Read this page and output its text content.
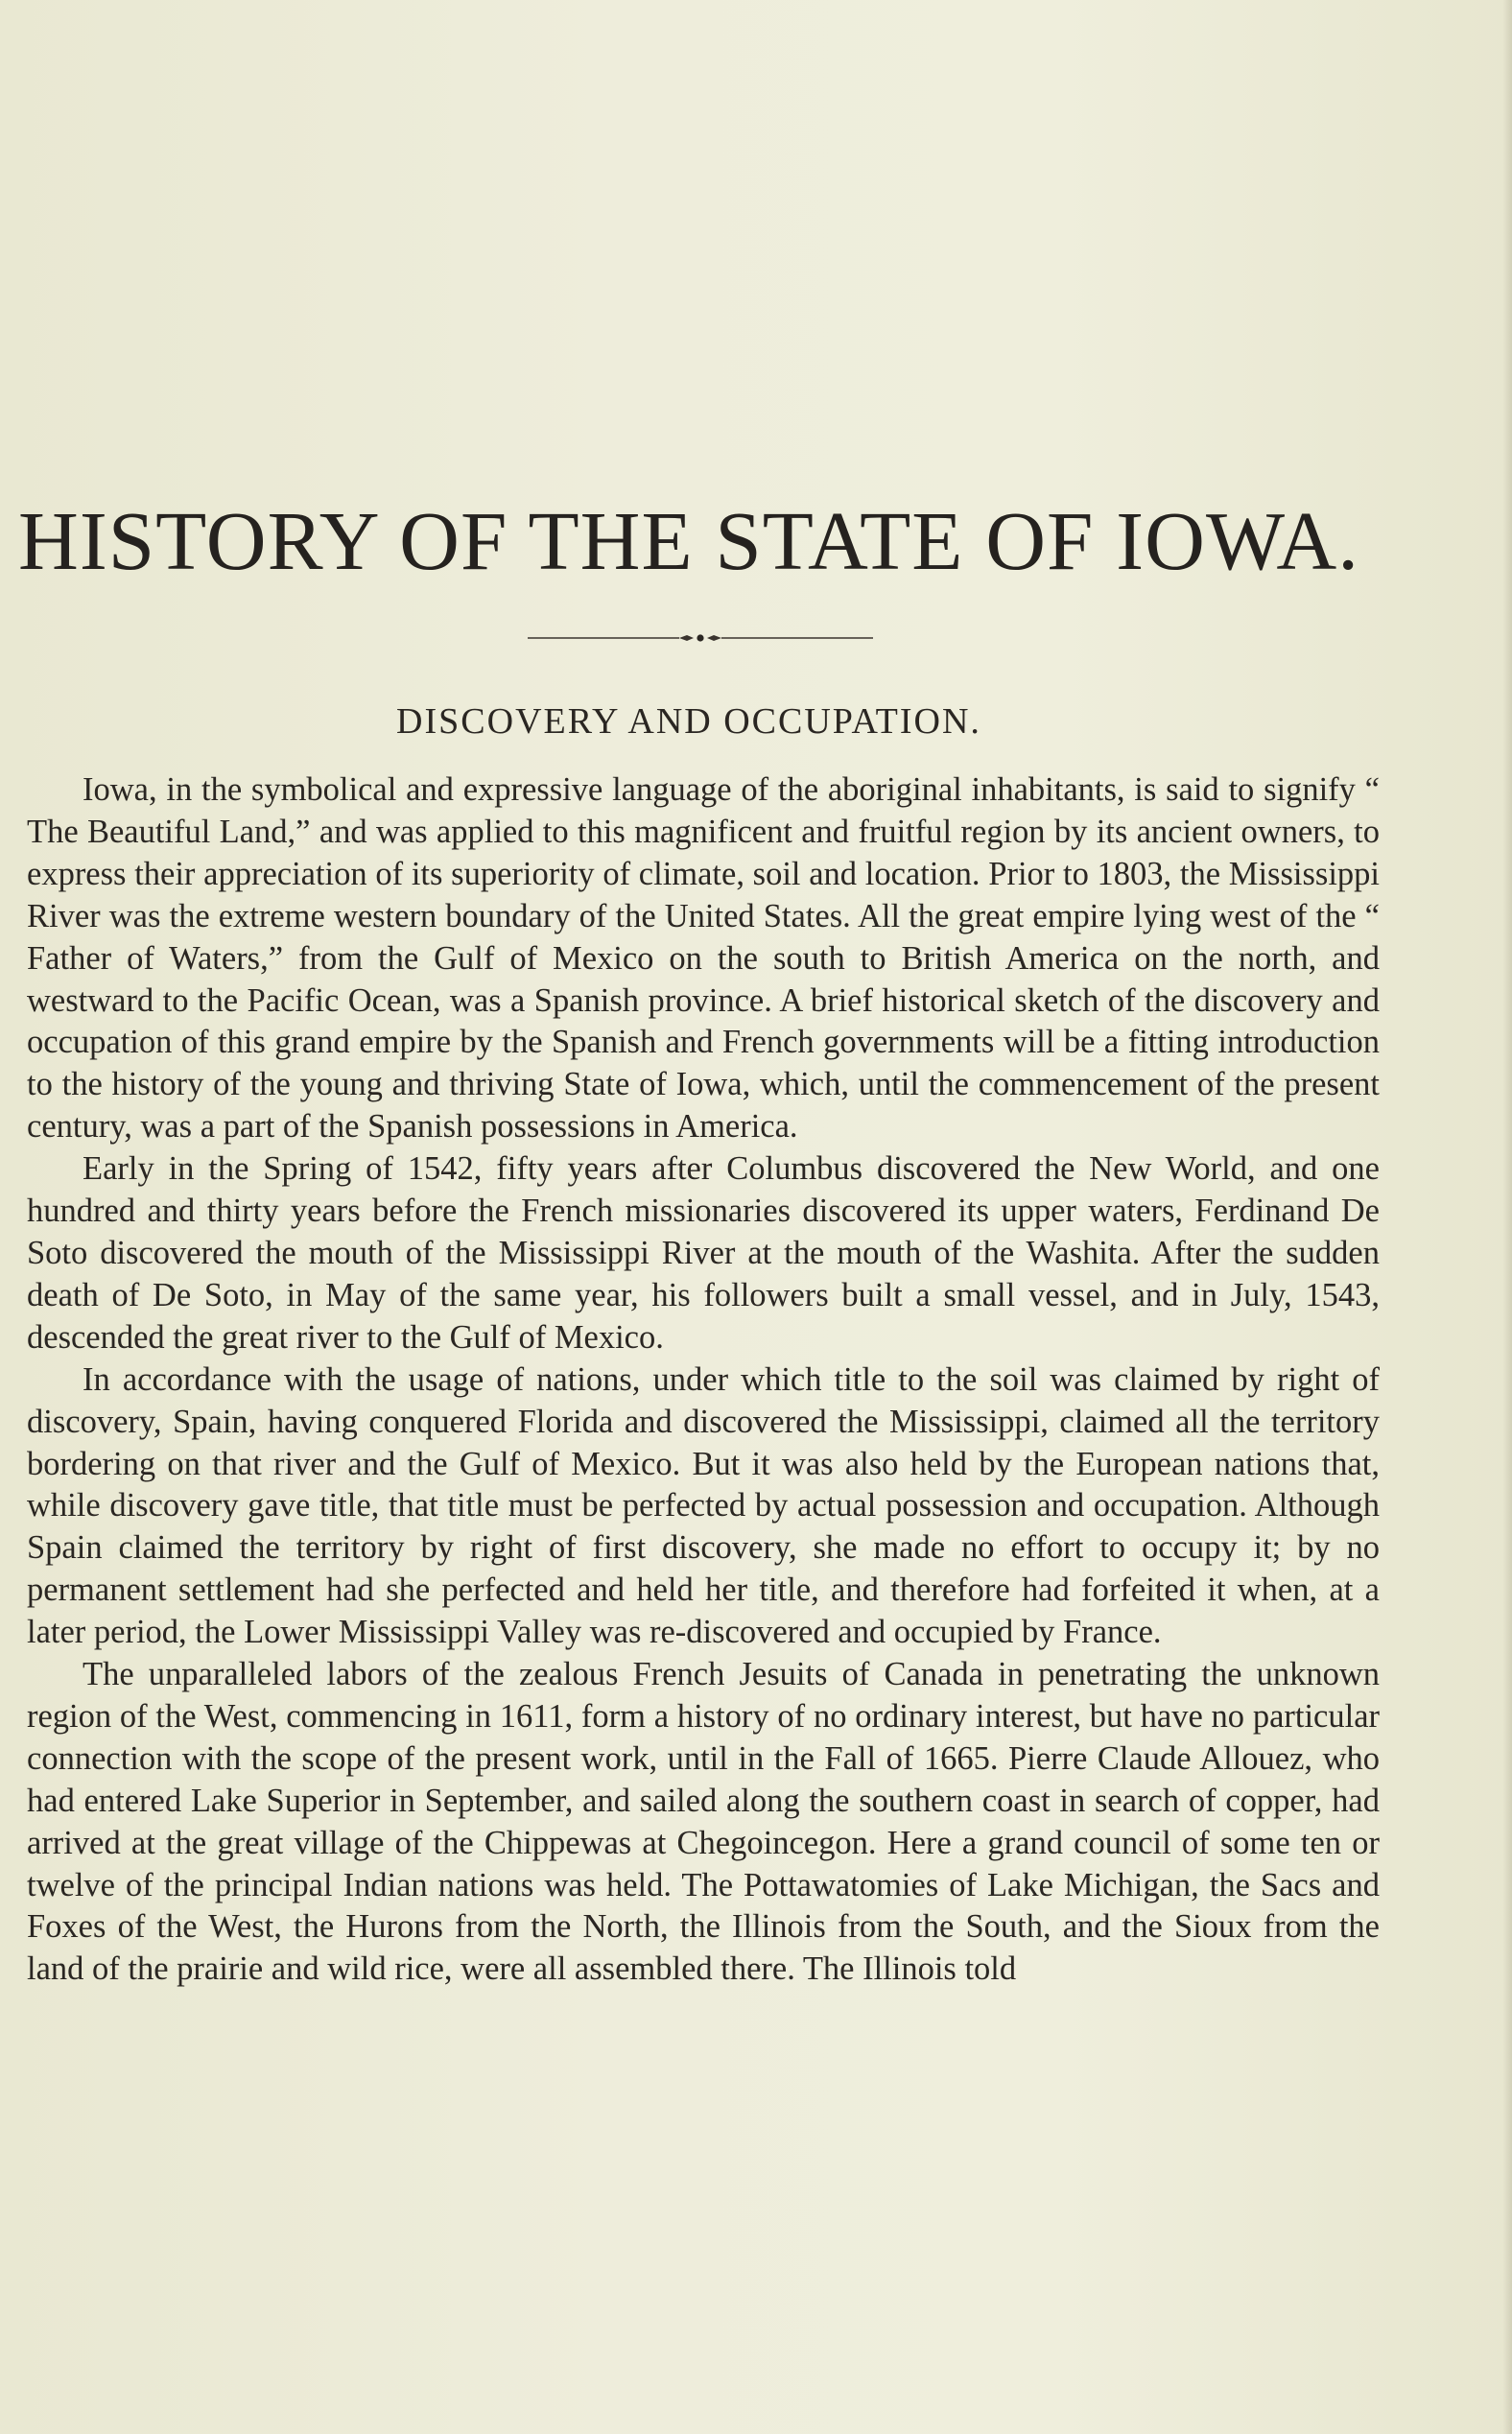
HISTORY OF THE STATE OF IOWA.
DISCOVERY AND OCCUPATION.

Iowa, in the symbolical and expressive language of the aboriginal inhabitants, is said to signify “ The Beautiful Land,” and was applied to this magnificent and fruitful region by its ancient owners, to express their appreciation of its superiority of climate, soil and location. Prior to 1803, the Mississippi River was the extreme western boundary of the United States. All the great empire lying west of the “ Father of Waters,” from the Gulf of Mexico on the south to British America on the north, and westward to the Pacific Ocean, was a Spanish province. A brief historical sketch of the discovery and occupation of this grand empire by the Spanish and French governments will be a fitting introduction to the history of the young and thriving State of Iowa, which, until the commencement of the present century, was a part of the Spanish possessions in America.

Early in the Spring of 1542, fifty years after Columbus discovered the New World, and one hundred and thirty years before the French missionaries discovered its upper waters, Ferdinand De Soto discovered the mouth of the Mississippi River at the mouth of the Washita. After the sudden death of De Soto, in May of the same year, his followers built a small vessel, and in July, 1543, descended the great river to the Gulf of Mexico.

In accordance with the usage of nations, under which title to the soil was claimed by right of discovery, Spain, having conquered Florida and discovered the Mississippi, claimed all the territory bordering on that river and the Gulf of Mexico. But it was also held by the European nations that, while discovery gave title, that title must be perfected by actual possession and occupation. Although Spain claimed the territory by right of first discovery, she made no effort to occupy it; by no permanent settlement had she perfected and held her title, and therefore had forfeited it when, at a later period, the Lower Mississippi Valley was re-discovered and occupied by France.

The unparalleled labors of the zealous French Jesuits of Canada in penetrating the unknown region of the West, commencing in 1611, form a history of no ordinary interest, but have no particular connection with the scope of the present work, until in the Fall of 1665. Pierre Claude Allouez, who had entered Lake Superior in September, and sailed along the southern coast in search of copper, had arrived at the great village of the Chippewas at Chegoincegon. Here a grand council of some ten or twelve of the principal Indian nations was held. The Pottawatomies of Lake Michigan, the Sacs and Foxes of the West, the Hurons from the North, the Illinois from the South, and the Sioux from the land of the prairie and wild rice, were all assembled there. The Illinois told
